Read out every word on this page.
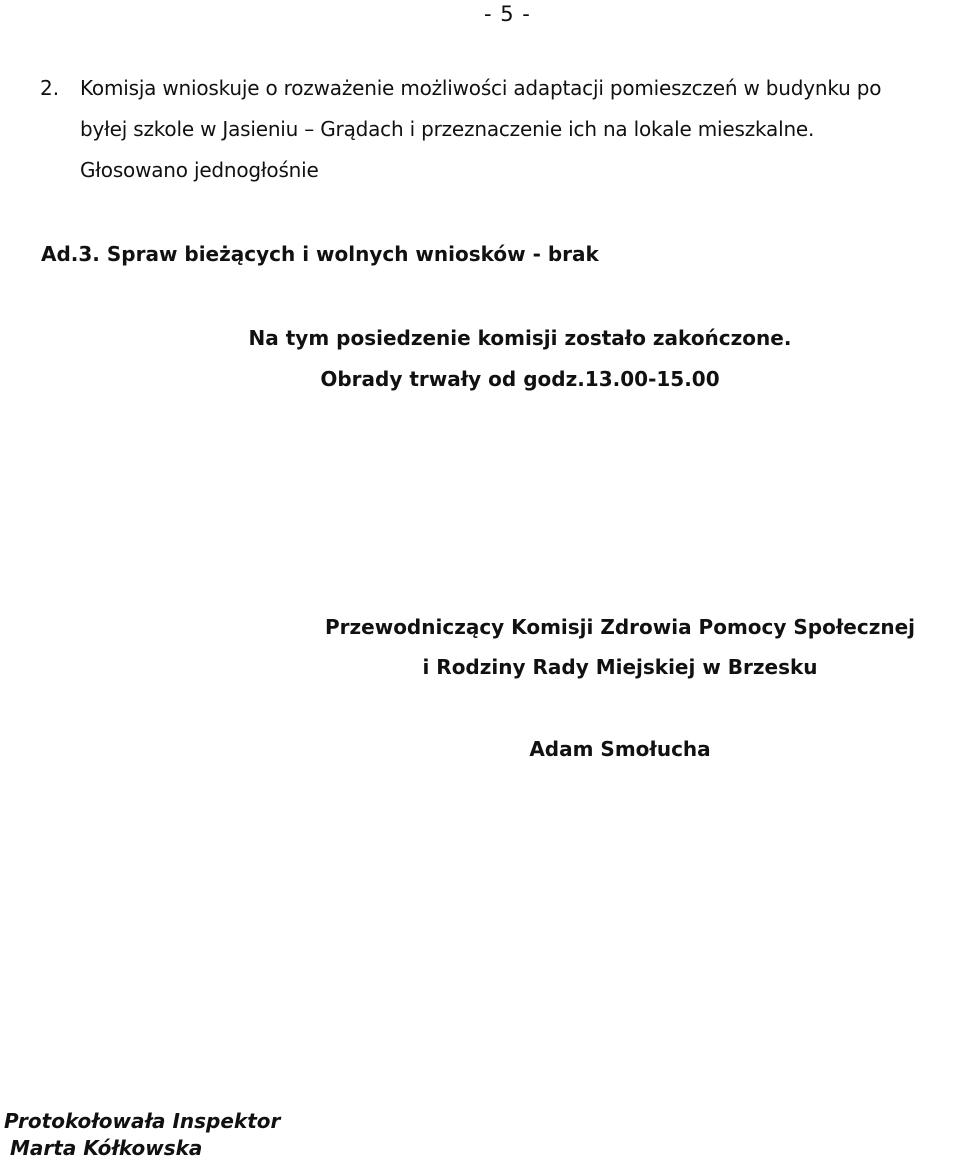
- 5 -
2. Komisja wnioskuje o rozważenie możliwości adaptacji pomieszczeń w budynku po
byłej szkole w Jasieniu – Grądach i przeznaczenie ich na lokale mieszkalne.
Głosowano jednogłośnie
Ad.3. Spraw bieżących i wolnych wniosków - brak
Na tym posiedzenie komisji zostało zakończone.
Obrady trwały od godz.13.00-15.00
Przewodniczący Komisji Zdrowia Pomocy Społecznej
i Rodziny Rady Miejskiej w Brzesku
Adam Smołucha
Protokołowała Inspektor
Marta Kółkowska
